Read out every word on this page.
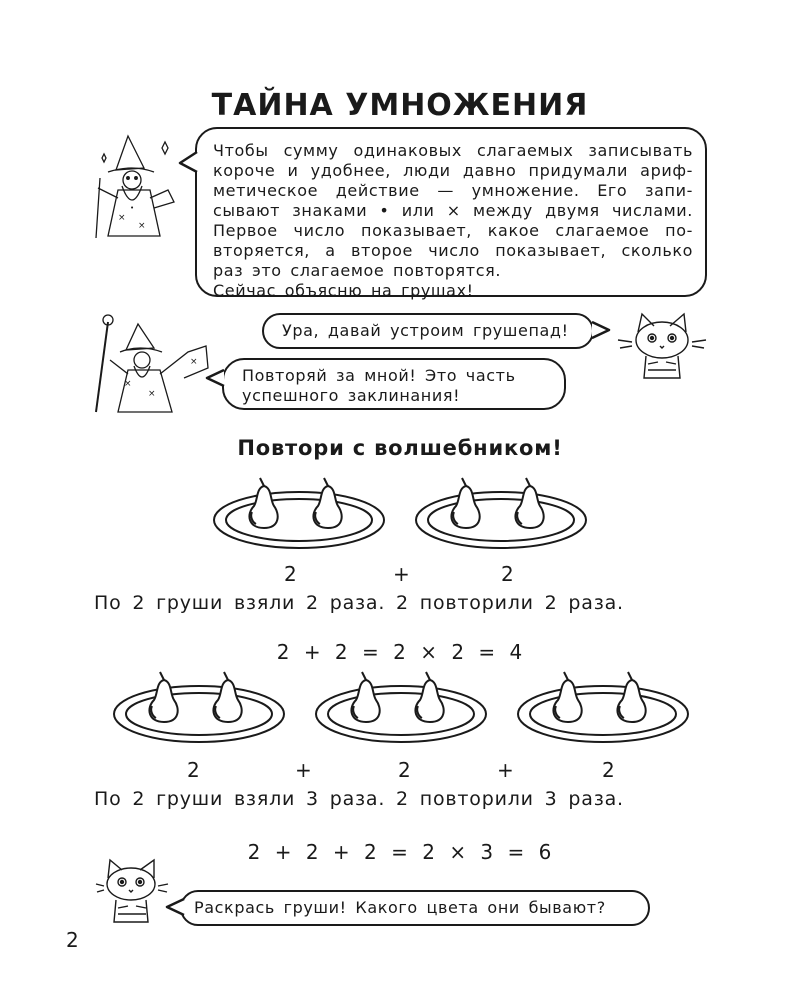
ТАЙНА УМНОЖЕНИЯ
×
×
•
Чтобы сумму одинаковых слагаемых записывать
короче и удобнее, люди давно придумали ариф-
метическое действие — умножение. Его запи-
сывают знаками • или × между двумя числами.
Первое число показывает, какое слагаемое по-
вторяется, а второе число показывает, сколько
раз это слагаемое повторятся.
Сейчас объясню на грушах!
×
×
×
Ура, давай устроим грушепад!
Повторяй за мной! Это часть
успешного заклинания!
Повтори с волшебником!
2	+	2
По 2 груши взяли 2 раза. 2 повторили 2 раза.
2 + 2 = 2 × 2 = 4
2	+	2	+	2
По 2 груши взяли 3 раза. 2 повторили 3 раза.
2 + 2 + 2 = 2 × 3 = 6
Раскрась груши! Какого цвета они бывают?
2
